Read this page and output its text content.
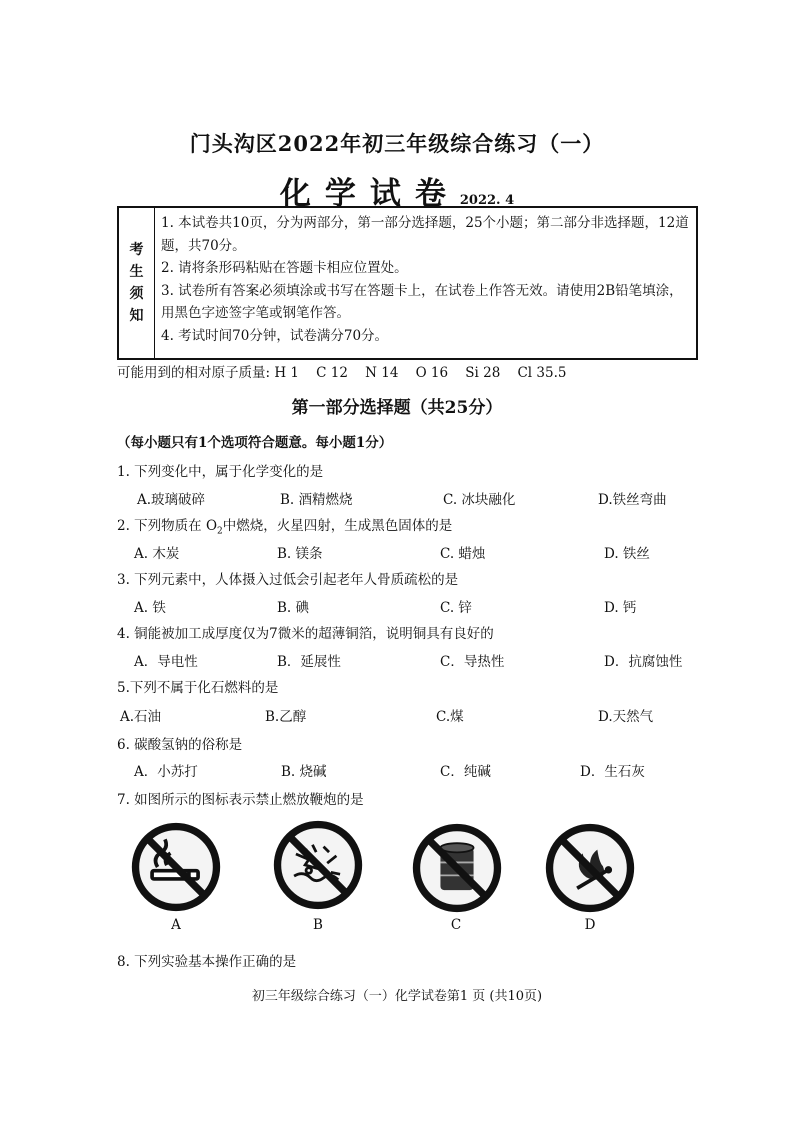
门头沟区2022年初三年级综合练习（一）
化学试卷2022. 4
考
生
须
知

1. 本试卷共10页，分为两部分，第一部分选择题，25个小题；第二部分非选择题，12道题，共70分。

2. 请将条形码粘贴在答题卡相应位置处。

3. 试卷所有答案必须填涂或书写在答题卡上，在试卷上作答无效。请使用2B铅笔填涂，用黑色字迹签字笔或钢笔作答。

4. 考试时间70分钟，试卷满分70分。

可能用到的相对原子质量: H 1    C 12    N 14    O 16    Si 28    Cl 35.5
第一部分选择题（共25分）
（每小题只有1个选项符合题意。每小题1分）
1. 下列变化中，属于化学变化的是
A.玻璃破碎	B. 酒精燃烧	C. 冰块融化	D.铁丝弯曲
2. 下列物质在 $O_2$中燃烧，火星四射，生成黑色固体的是
A. 木炭	B. 镁条	C. 蜡烛	D. 铁丝
3. 下列元素中，人体摄入过低会引起老年人骨质疏松的是
A. 铁	B. 碘	C. 锌	D. 钙
4. 铜能被加工成厚度仅为7微米的超薄铜箔，说明铜具有良好的
A．导电性	B．延展性	C．导热性	D．抗腐蚀性
5.下列不属于化石燃料的是
A.石油	B.乙醇	C.煤	D.天然气
6. 碳酸氢钠的俗称是
A．小苏打	B. 烧碱	C．纯碱	D．生石灰
7. 如图所示的图标表示禁止燃放鞭炮的是
A	B	C	D
8. 下列实验基本操作正确的是
初三年级综合练习（一）化学试卷第1 页 (共10页)
